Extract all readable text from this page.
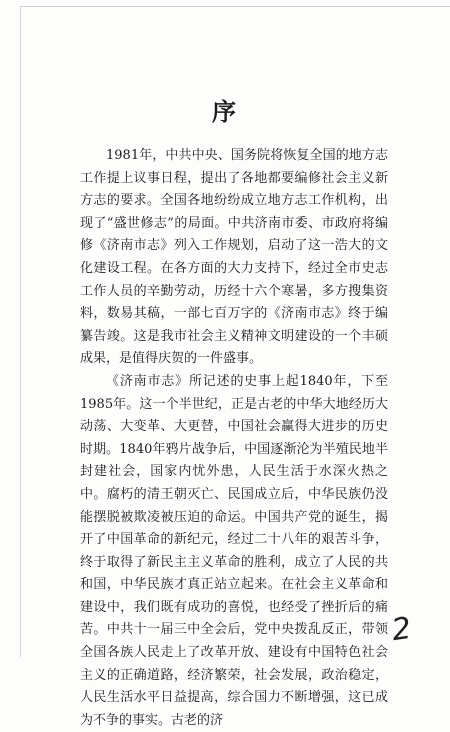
序

1981年，中共中央、国务院将恢复全国的地方志工作提上议事日程，提出了各地都要编修社会主义新方志的要求。全国各地纷纷成立地方志工作机构，出现了“盛世修志”的局面。中共济南市委、市政府将编修《济南市志》列入工作规划，启动了这一浩大的文化建设工程。在各方面的大力支持下，经过全市史志工作人员的辛勤劳动，历经十六个寒暑，多方搜集资料，数易其稿，一部七百万字的《济南市志》终于编纂告竣。这是我市社会主义精神文明建设的一个丰硕成果，是值得庆贺的一件盛事。

《济南市志》所记述的史事上起1840年，下至1985年。这一个半世纪，正是古老的中华大地经历大动荡、大变革、大更替，中国社会赢得大进步的历史时期。1840年鸦片战争后，中国逐渐沦为半殖民地半封建社会，国家内忧外患，人民生活于水深火热之中。腐朽的清王朝灭亡、民国成立后，中华民族仍没能摆脱被欺凌被压迫的命运。中国共产党的诞生，揭开了中国革命的新纪元，经过二十八年的艰苦斗争，终于取得了新民主主义革命的胜利，成立了人民的共和国，中华民族才真正站立起来。在社会主义革命和建设中，我们既有成功的喜悦，也经受了挫折后的痛苦。中共十一届三中全会后，党中央拨乱反正，带领全国各族人民走上了改革开放、建设有中国特色社会主义的正确道路，经济繁荣，社会发展，政治稳定，人民生活水平日益提高，综合国力不断增强，这已成为不争的事实。古老的济

2
